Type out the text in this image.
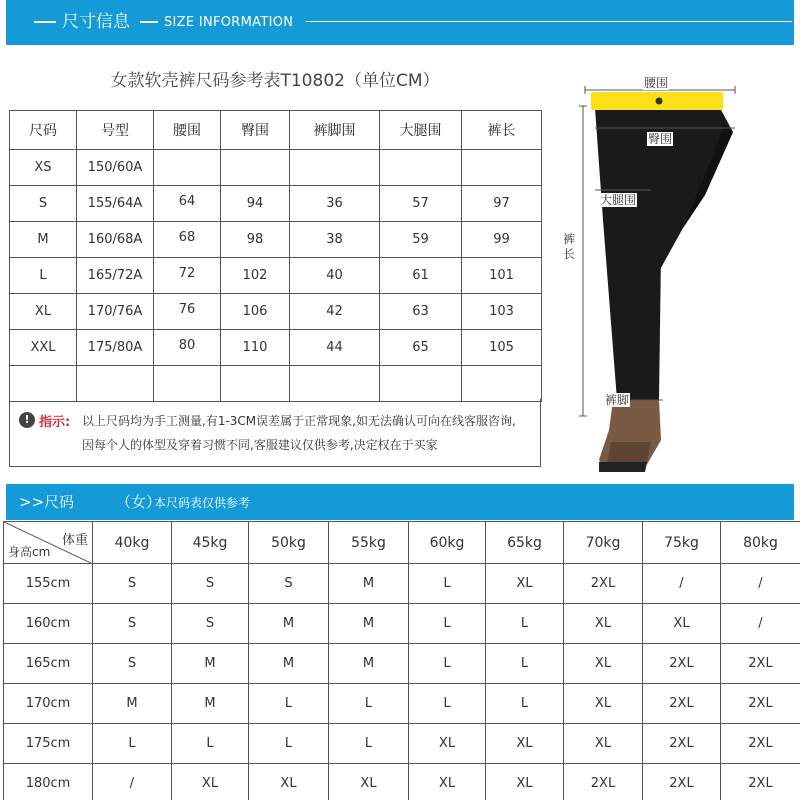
尺寸信息	SIZE INFORMATION
女款软壳裤尺码参考表T10802（单位CM）
尺码	号型	腰围	臀围	裤脚围	大腿围	裤长
XS	150/60A					
S	155/64A	64	94	36	57	97
M	160/68A	68	98	38	59	99
L	165/72A	72	102	40	61	101
XL	170/76A	76	106	42	63	103
XXL	175/80A	80	110	44	65	105

! 指示: 以上尺码均为手工测量,有1-3CM误差属于正常现象,如无法确认可向在线客服咨询,
因每个人的体型及穿着习惯不同,客服建议仅供参考,决定权在于买家
腰围
臀围
大腿围
裤长
裤脚
>>尺码	（女）
本尺码表仅供参考
体重
身高cm	40kg	45kg	50kg	55kg	60kg	65kg	70kg	75kg	80kg
155cm	S	S	S	M	L	XL	2XL	/	/
160cm	S	S	M	M	L	L	XL	XL	/
165cm	S	M	M	M	L	L	XL	2XL	2XL
170cm	M	M	L	L	L	L	XL	2XL	2XL
175cm	L	L	L	L	XL	XL	XL	2XL	2XL
180cm	/	XL	XL	XL	XL	XL	2XL	2XL	2XL
